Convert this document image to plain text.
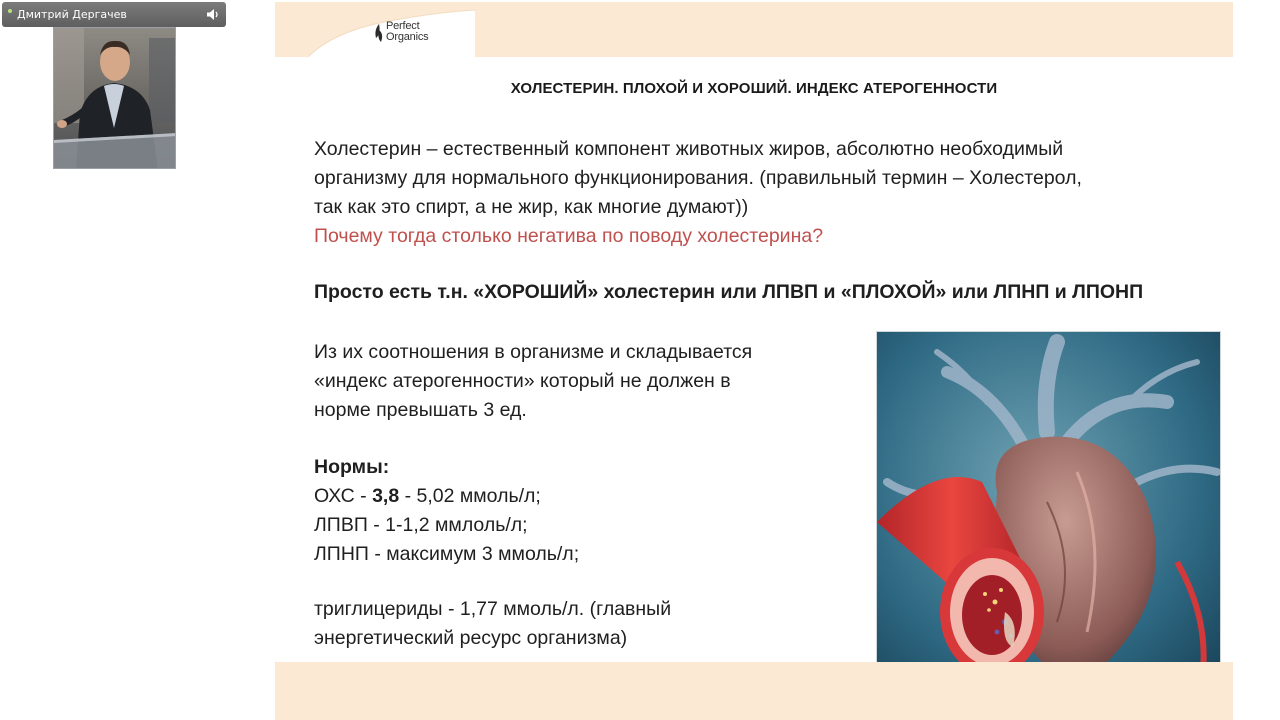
Дмитрий Дергачев
Perfect
Organics
ХОЛЕСТЕРИН. ПЛОХОЙ И ХОРОШИЙ. ИНДЕКС АТЕРОГЕННОСТИ
Холестерин – естественный компонент животных жиров, абсолютно необходимый
организму для нормального функционирования. (правильный термин – Холестерол,
так как это спирт, а не жир, как многие думают))
Почему тогда столько негатива по поводу холестерина?
Просто есть т.н. «ХОРОШИЙ» холестерин или ЛПВП и «ПЛОХОЙ» или ЛПНП и ЛПОНП
Из их соотношения в организме и складывается
«индекс атерогенности» который не должен в
норме превышать 3 ед.
Нормы:
ОХС - 3,8 - 5,02 ммоль/л;
ЛПВП - 1-1,2 ммлоль/л;
ЛПНП - максимум 3 ммоль/л;
триглицериды - 1,77 ммоль/л. (главный
энергетический ресурс организма)
